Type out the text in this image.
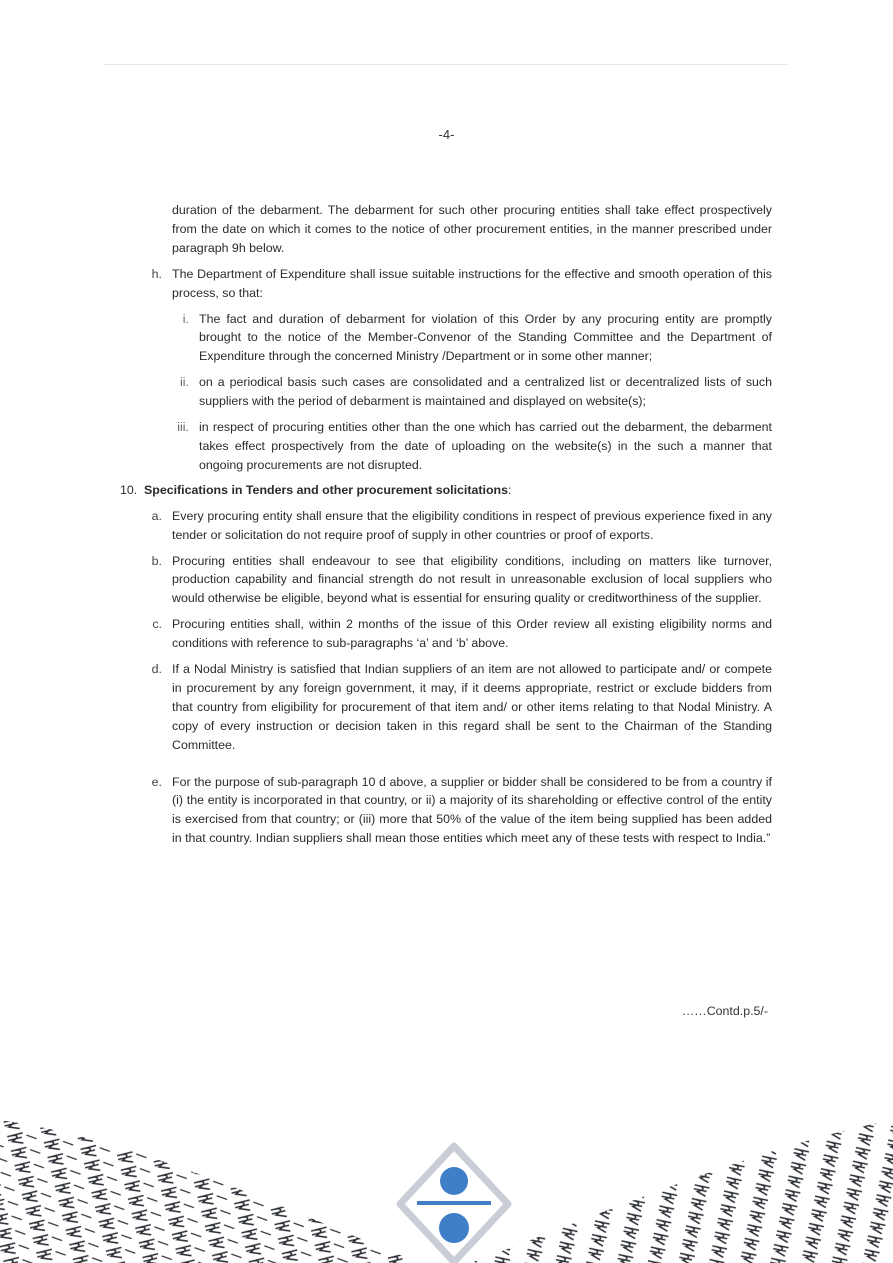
-4-

duration of the debarment. The debarment for such other procuring entities shall take effect prospectively from the date on which it comes to the notice of other procurement entities, in the manner prescribed under paragraph 9h below.

h. The Department of Expenditure shall issue suitable instructions for the effective and smooth operation of this process, so that:
i. The fact and duration of debarment for violation of this Order by any procuring entity are promptly brought to the notice of the Member-Convenor of the Standing Committee and the Department of Expenditure through the concerned Ministry /Department or in some other manner;
ii. on a periodical basis such cases are consolidated and a centralized list or decentralized lists of such suppliers with the period of debarment is maintained and displayed on website(s);
iii. in respect of procuring entities other than the one which has carried out the debarment, the debarment takes effect prospectively from the date of uploading on the website(s) in the such a manner that ongoing procurements are not disrupted.
10. Specifications in Tenders and other procurement solicitations:
a. Every procuring entity shall ensure that the eligibility conditions in respect of previous experience fixed in any tender or solicitation do not require proof of supply in other countries or proof of exports.
b. Procuring entities shall endeavour to see that eligibility conditions, including on matters like turnover, production capability and financial strength do not result in unreasonable exclusion of local suppliers who would otherwise be eligible, beyond what is essential for ensuring quality or creditworthiness of the supplier.
c. Procuring entities shall, within 2 months of the issue of this Order review all existing eligibility norms and conditions with reference to sub-paragraphs ‘a’ and ‘b’ above.
d. If a Nodal Ministry is satisfied that Indian suppliers of an item are not allowed to participate and/ or compete in procurement by any foreign government, it may, if it deems appropriate, restrict or exclude bidders from that country from eligibility for procurement of that item and/ or other items relating to that Nodal Ministry. A copy of every instruction or decision taken in this regard shall be sent to the Chairman of the Standing Committee.
e. For the purpose of sub-paragraph 10 d above, a supplier or bidder shall be considered to be from a country if (i) the entity is incorporated in that country, or ii) a majority of its shareholding or effective control of the entity is exercised from that country; or (iii) more that 50% of the value of the item being supplied has been added in that country. Indian suppliers shall mean those entities which meet any of these tests with respect to India.”
……Contd.p.5/-
